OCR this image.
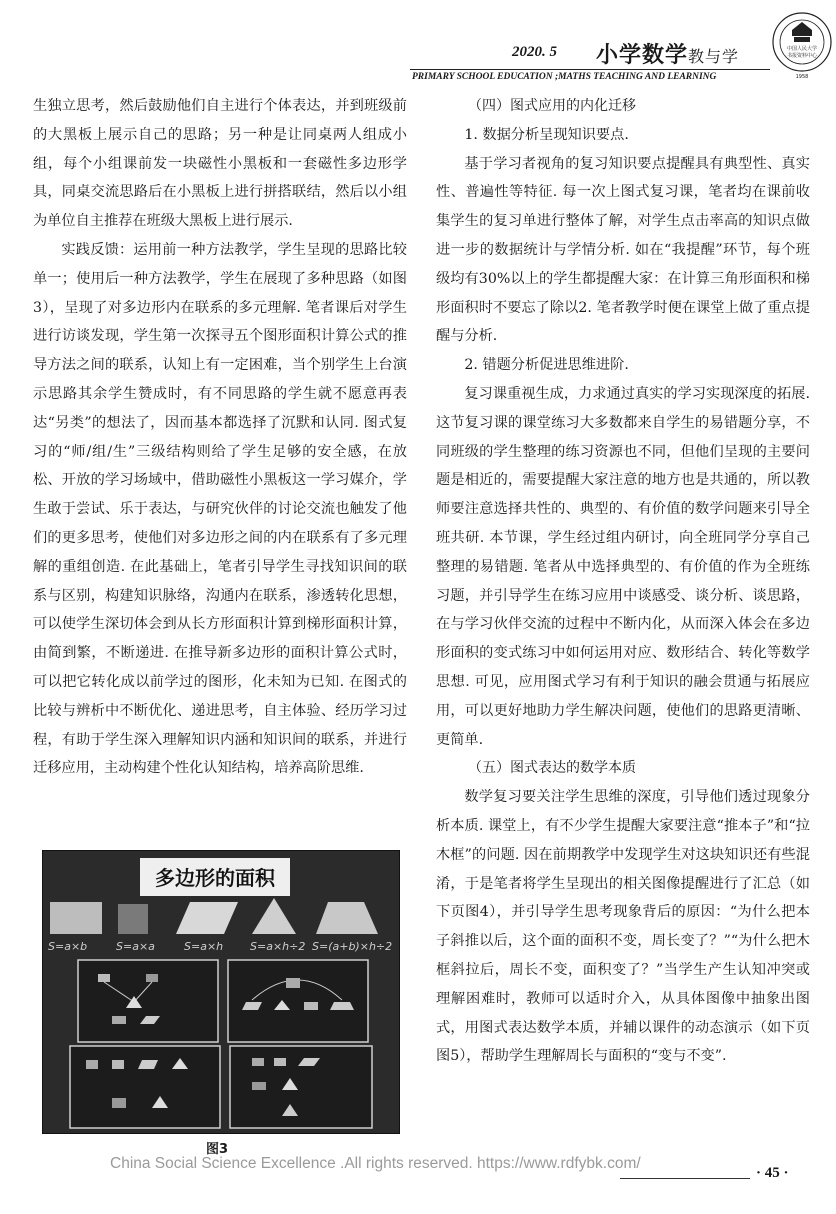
2020. 5 小学数学教与学
PRIMARY SCHOOL EDUCATION ;MATHS TEACHING AND LEARNING
中国人民大学
书报资料中心
1958

生独立思考，然后鼓励他们自主进行个体表达，并到班级前的大黑板上展示自己的思路；另一种是让同桌两人组成小组，每个小组课前发一块磁性小黑板和一套磁性多边形学具，同桌交流思路后在小黑板上进行拼搭联结，然后以小组为单位自主推荐在班级大黑板上进行展示.

实践反馈：运用前一种方法教学，学生呈现的思路比较单一；使用后一种方法教学，学生在展现了多种思路（如图3），呈现了对多边形内在联系的多元理解. 笔者课后对学生进行访谈发现，学生第一次探寻五个图形面积计算公式的推导方法之间的联系，认知上有一定困难，当个别学生上台演示思路其余学生赞成时，有不同思路的学生就不愿意再表达“另类”的想法了，因而基本都选择了沉默和认同. 图式复习的“师/组/生”三级结构则给了学生足够的安全感，在放松、开放的学习场域中，借助磁性小黑板这一学习媒介，学生敢于尝试、乐于表达，与研究伙伴的讨论交流也触发了他们的更多思考，使他们对多边形之间的内在联系有了多元理解的重组创造. 在此基础上，笔者引导学生寻找知识间的联系与区别，构建知识脉络，沟通内在联系，渗透转化思想，可以使学生深切体会到从长方形面积计算到梯形面积计算，由简到繁，不断递进. 在推导新多边形的面积计算公式时，可以把它转化成以前学过的图形，化未知为已知. 在图式的比较与辨析中不断优化、递进思考，自主体验、经历学习过程，有助于学生深入理解知识内涵和知识间的联系，并进行迁移应用，主动构建个性化认知结构，培养高阶思维.

多边形的面积
S=a×b	S=a×a	S=a×h S=a×h÷2 S=(a+b)×h÷2
图3
（四）图式应用的内化迁移

1. 数据分析呈现知识要点.

基于学习者视角的复习知识要点提醒具有典型性、真实性、普遍性等特征. 每一次上图式复习课，笔者均在课前收集学生的复习单进行整体了解，对学生点击率高的知识点做进一步的数据统计与学情分析. 如在“我提醒”环节，每个班级均有30%以上的学生都提醒大家：在计算三角形面积和梯形面积时不要忘了除以2. 笔者教学时便在课堂上做了重点提醒与分析.

2. 错题分析促进思维进阶.

复习课重视生成，力求通过真实的学习实现深度的拓展. 这节复习课的课堂练习大多数都来自学生的易错题分享，不同班级的学生整理的练习资源也不同，但他们呈现的主要问题是相近的，需要提醒大家注意的地方也是共通的，所以教师要注意选择共性的、典型的、有价值的数学问题来引导全班共研. 本节课，学生经过组内研讨，向全班同学分享自己整理的易错题. 笔者从中选择典型的、有价值的作为全班练习题，并引导学生在练习应用中谈感受、谈分析、谈思路，在与学习伙伴交流的过程中不断内化，从而深入体会在多边形面积的变式练习中如何运用对应、数形结合、转化等数学思想. 可见，应用图式学习有利于知识的融会贯通与拓展应用，可以更好地助力学生解决问题，使他们的思路更清晰、更简单.

（五）图式表达的数学本质

数学复习要关注学生思维的深度，引导他们透过现象分析本质. 课堂上，有不少学生提醒大家要注意“推本子”和“拉木框”的问题. 因在前期教学中发现学生对这块知识还有些混淆，于是笔者将学生呈现出的相关图像提醒进行了汇总（如下页图4），并引导学生思考现象背后的原因：“为什么把本子斜推以后，这个面的面积不变，周长变了？”“为什么把木框斜拉后，周长不变，面积变了？”当学生产生认知冲突或理解困难时，教师可以适时介入，从具体图像中抽象出图式，用图式表达数学本质，并辅以课件的动态演示（如下页图5），帮助学生理解周长与面积的“变与不变”.

China Social Science Excellence .All rights reserved. https://www.rdfybk.com/
· 45 ·
